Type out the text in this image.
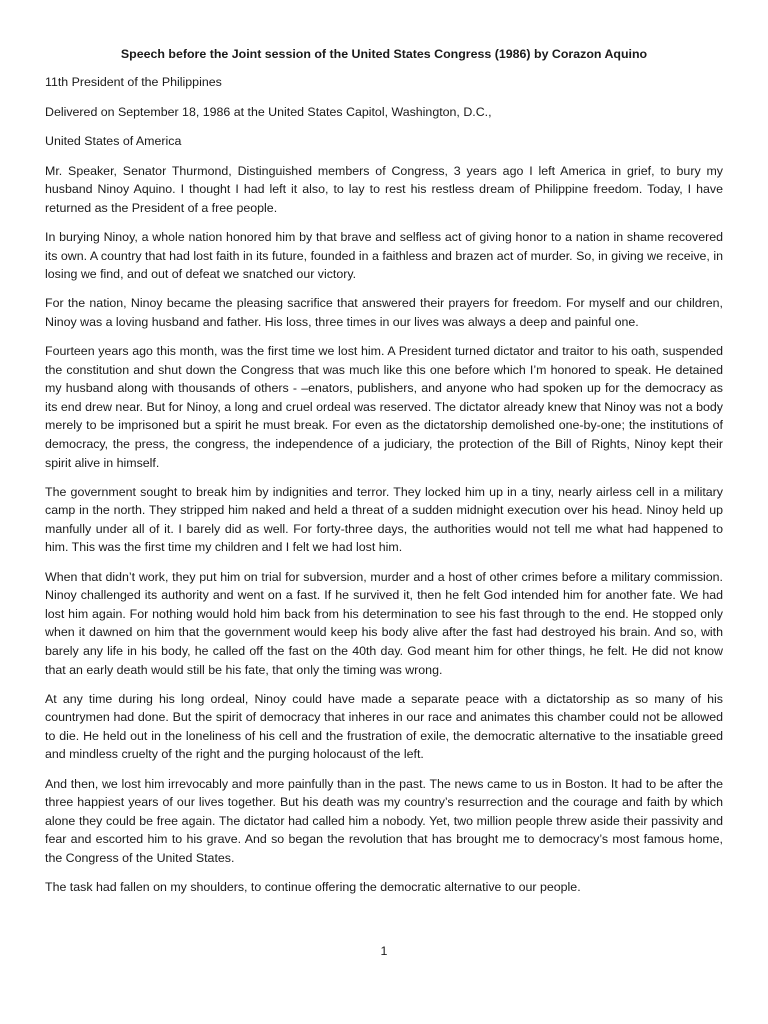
Speech before the Joint session of the United States Congress (1986) by Corazon Aquino
11th President of the Philippines
Delivered on September 18, 1986 at the United States Capitol, Washington, D.C.,
United States of America
Mr. Speaker, Senator Thurmond, Distinguished members of Congress, 3 years ago I left America in grief, to bury my husband Ninoy Aquino. I thought I had left it also, to lay to rest his restless dream of Philippine freedom. Today, I have returned as the President of a free people.
In burying Ninoy, a whole nation honored him by that brave and selfless act of giving honor to a nation in shame recovered its own. A country that had lost faith in its future, founded in a faithless and brazen act of murder. So, in giving we receive, in losing we find, and out of defeat we snatched our victory.
For the nation, Ninoy became the pleasing sacrifice that answered their prayers for freedom. For myself and our children, Ninoy was a loving husband and father. His loss, three times in our lives was always a deep and painful one.
Fourteen years ago this month, was the first time we lost him. A President turned dictator and traitor to his oath, suspended the constitution and shut down the Congress that was much like this one before which I’m honored to speak. He detained my husband along with thousands of others - –enators, publishers, and anyone who had spoken up for the democracy as its end drew near. But for Ninoy, a long and cruel ordeal was reserved. The dictator already knew that Ninoy was not a body merely to be imprisoned but a spirit he must break. For even as the dictatorship demolished one-by-one; the institutions of democracy, the press, the congress, the independence of a judiciary, the protection of the Bill of Rights, Ninoy kept their spirit alive in himself.
The government sought to break him by indignities and terror. They locked him up in a tiny, nearly airless cell in a military camp in the north. They stripped him naked and held a threat of a sudden midnight execution over his head. Ninoy held up manfully under all of it. I barely did as well. For forty-three days, the authorities would not tell me what had happened to him. This was the first time my children and I felt we had lost him.
When that didn’t work, they put him on trial for subversion, murder and a host of other crimes before a military commission. Ninoy challenged its authority and went on a fast. If he survived it, then he felt God intended him for another fate. We had lost him again. For nothing would hold him back from his determination to see his fast through to the end. He stopped only when it dawned on him that the government would keep his body alive after the fast had destroyed his brain. And so, with barely any life in his body, he called off the fast on the 40th day. God meant him for other things, he felt. He did not know that an early death would still be his fate, that only the timing was wrong.
At any time during his long ordeal, Ninoy could have made a separate peace with a dictatorship as so many of his countrymen had done. But the spirit of democracy that inheres in our race and animates this chamber could not be allowed to die. He held out in the loneliness of his cell and the frustration of exile, the democratic alternative to the insatiable greed and mindless cruelty of the right and the purging holocaust of the left.
And then, we lost him irrevocably and more painfully than in the past. The news came to us in Boston. It had to be after the three happiest years of our lives together. But his death was my country’s resurrection and the courage and faith by which alone they could be free again. The dictator had called him a nobody. Yet, two million people threw aside their passivity and fear and escorted him to his grave. And so began the revolution that has brought me to democracy’s most famous home, the Congress of the United States.
The task had fallen on my shoulders, to continue offering the democratic alternative to our people.
1
